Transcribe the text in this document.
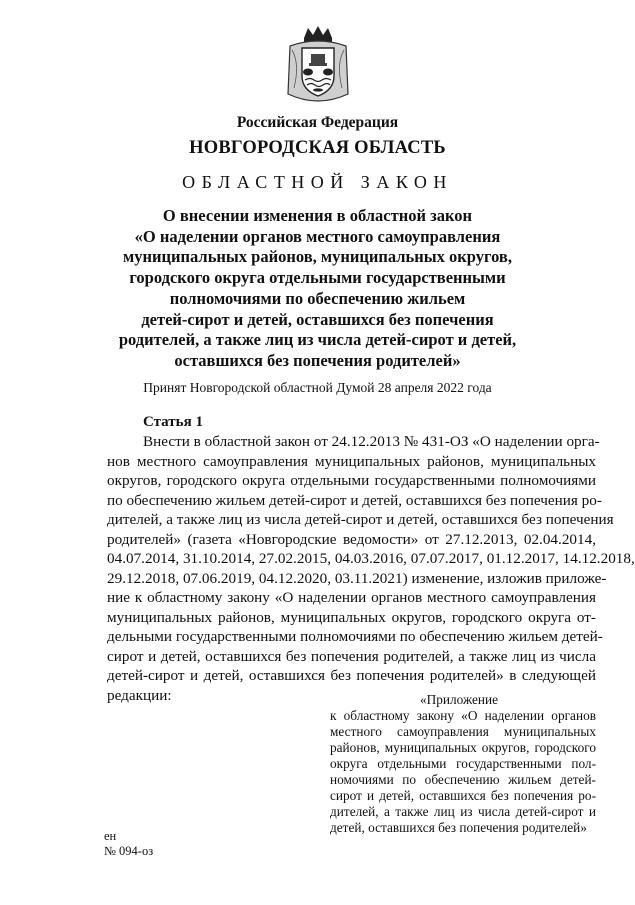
Российская Федерация
НОВГОРОДСКАЯ ОБЛАСТЬ
ОБЛАСТНОЙ ЗАКОН
О внесении изменения в областной закон
«О наделении органов местного самоуправления
муниципальных районов, муниципальных округов,
городского округа отдельными государственными
полномочиями по обеспечению жильем
детей-сирот и детей, оставшихся без попечения
родителей, а также лиц из числа детей-сирот и детей,
оставшихся без попечения родителей»
Принят Новгородской областной Думой 28 апреля 2022 года
Статья 1
Внести в областной закон от 24.12.2013 № 431-ОЗ «О наделении орга-
нов местного самоуправления муниципальных районов, муниципальных
округов, городского округа отдельными государственными полномочиями
по обеспечению жильем детей-сирот и детей, оставшихся без попечения ро-
дителей, а также лиц из числа детей-сирот и детей, оставшихся без попечения
родителей» (газета «Новгородские ведомости» от 27.12.2013, 02.04.2014,
04.07.2014, 31.10.2014, 27.02.2015, 04.03.2016, 07.07.2017, 01.12.2017, 14.12.2018,
29.12.2018, 07.06.2019, 04.12.2020, 03.11.2021) изменение, изложив приложе-
ние к областному закону «О наделении органов местного самоуправления
муниципальных районов, муниципальных округов, городского округа от-
дельными государственными полномочиями по обеспечению жильем детей-
сирот и детей, оставшихся без попечения родителей, а также лиц из числа
детей-сирот и детей, оставшихся без попечения родителей» в следующей
редакции:	«Приложение
к областному закону «О наделении органов
местного самоуправления муниципальных
районов, муниципальных округов, городского
округа отдельными государственными пол-
номочиями по обеспечению жильем детей-
сирот и детей, оставшихся без попечения ро-
дителей, а также лиц из числа детей-сирот и
детей, оставшихся без попечения родителей»
ен
№ 094-оз
